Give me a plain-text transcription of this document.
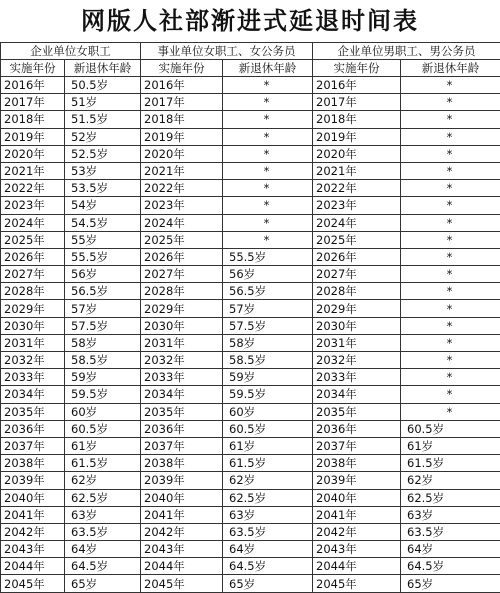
网版人社部渐进式延退时间表
企业单位女职工		事业单位女职工、女公务员		企业单位男职工、男公务员	
实施年份	新退休年龄	实施年份	新退休年龄	实施年份	新退休年龄
2016年	50.5岁	2016年	*	2016年	*
2017年	51岁	2017年	*	2017年	*
2018年	51.5岁	2018年	*	2018年	*
2019年	52岁	2019年	*	2019年	*
2020年	52.5岁	2020年	*	2020年	*
2021年	53岁	2021年	*	2021年	*
2022年	53.5岁	2022年	*	2022年	*
2023年	54岁	2023年	*	2023年	*
2024年	54.5岁	2024年	*	2024年	*
2025年	55岁	2025年	*	2025年	*
2026年	55.5岁	2026年	55.5岁	2026年	*
2027年	56岁	2027年	56岁	2027年	*
2028年	56.5岁	2028年	56.5岁	2028年	*
2029年	57岁	2029年	57岁	2029年	*
2030年	57.5岁	2030年	57.5岁	2030年	*
2031年	58岁	2031年	58岁	2031年	*
2032年	58.5岁	2032年	58.5岁	2032年	*
2033年	59岁	2033年	59岁	2033年	*
2034年	59.5岁	2034年	59.5岁	2034年	*
2035年	60岁	2035年	60岁	2035年	*
2036年	60.5岁	2036年	60.5岁	2036年	60.5岁
2037年	61岁	2037年	61岁	2037年	61岁
2038年	61.5岁	2038年	61.5岁	2038年	61.5岁
2039年	62岁	2039年	62岁	2039年	62岁
2040年	62.5岁	2040年	62.5岁	2040年	62.5岁
2041年	63岁	2041年	63岁	2041年	63岁
2042年	63.5岁	2042年	63.5岁	2042年	63.5岁
2043年	64岁	2043年	64岁	2043年	64岁
2044年	64.5岁	2044年	64.5岁	2044年	64.5岁
2045年	65岁	2045年	65岁	2045年	65岁
